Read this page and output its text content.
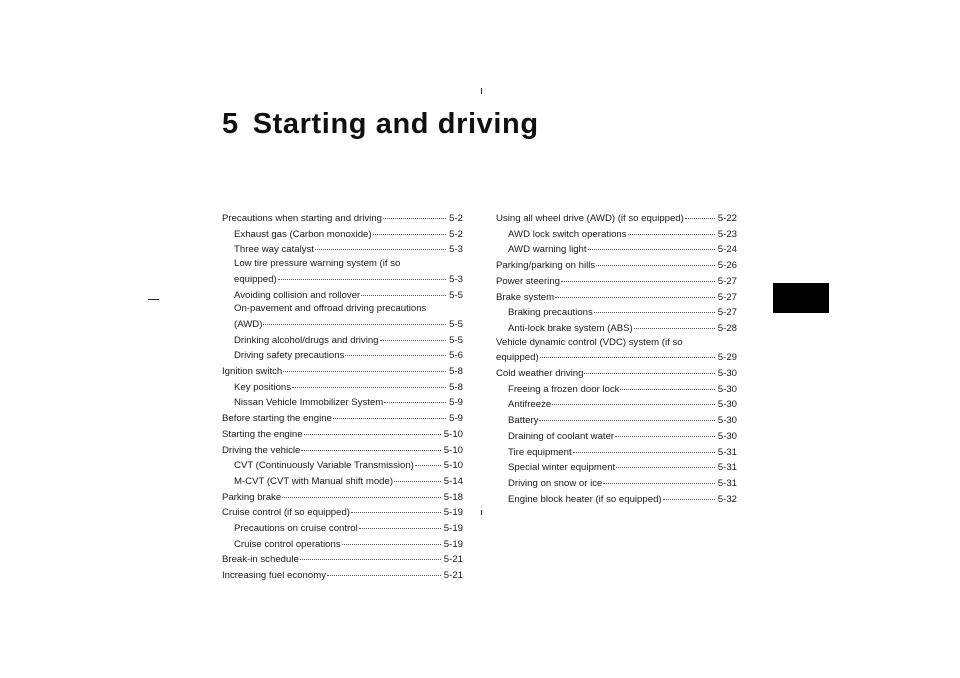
5 Starting and driving
Precautions when starting and driving	5-2
Exhaust gas (Carbon monoxide)	5-2
Three way catalyst	5-3
Low tire pressure warning system (if so
equipped)	5-3
Avoiding collision and rollover	5-5
On-pavement and offroad driving precautions
(AWD)	5-5
Drinking alcohol/drugs and driving	5-5
Driving safety precautions	5-6
Ignition switch	5-8
Key positions	5-8
Nissan Vehicle Immobilizer System	5-9
Before starting the engine	5-9
Starting the engine	5-10
Driving the vehicle	5-10
CVT (Continuously Variable Transmission)	5-10
M-CVT (CVT with Manual shift mode)	5-14
Parking brake	5-18
Cruise control (if so equipped)	5-19
Precautions on cruise control	5-19
Cruise control operations	5-19
Break-in schedule	5-21
Increasing fuel economy	5-21
Using all wheel drive (AWD) (if so equipped)	5-22
AWD lock switch operations	5-23
AWD warning light	5-24
Parking/parking on hills	5-26
Power steering	5-27
Brake system	5-27
Braking precautions	5-27
Anti-lock brake system (ABS)	5-28
Vehicle dynamic control (VDC) system (if so
equipped)	5-29
Cold weather driving	5-30
Freeing a frozen door lock	5-30
Antifreeze	5-30
Battery	5-30
Draining of coolant water	5-30
Tire equipment	5-31
Special winter equipment	5-31
Driving on snow or ice	5-31
Engine block heater (if so equipped)	5-32
